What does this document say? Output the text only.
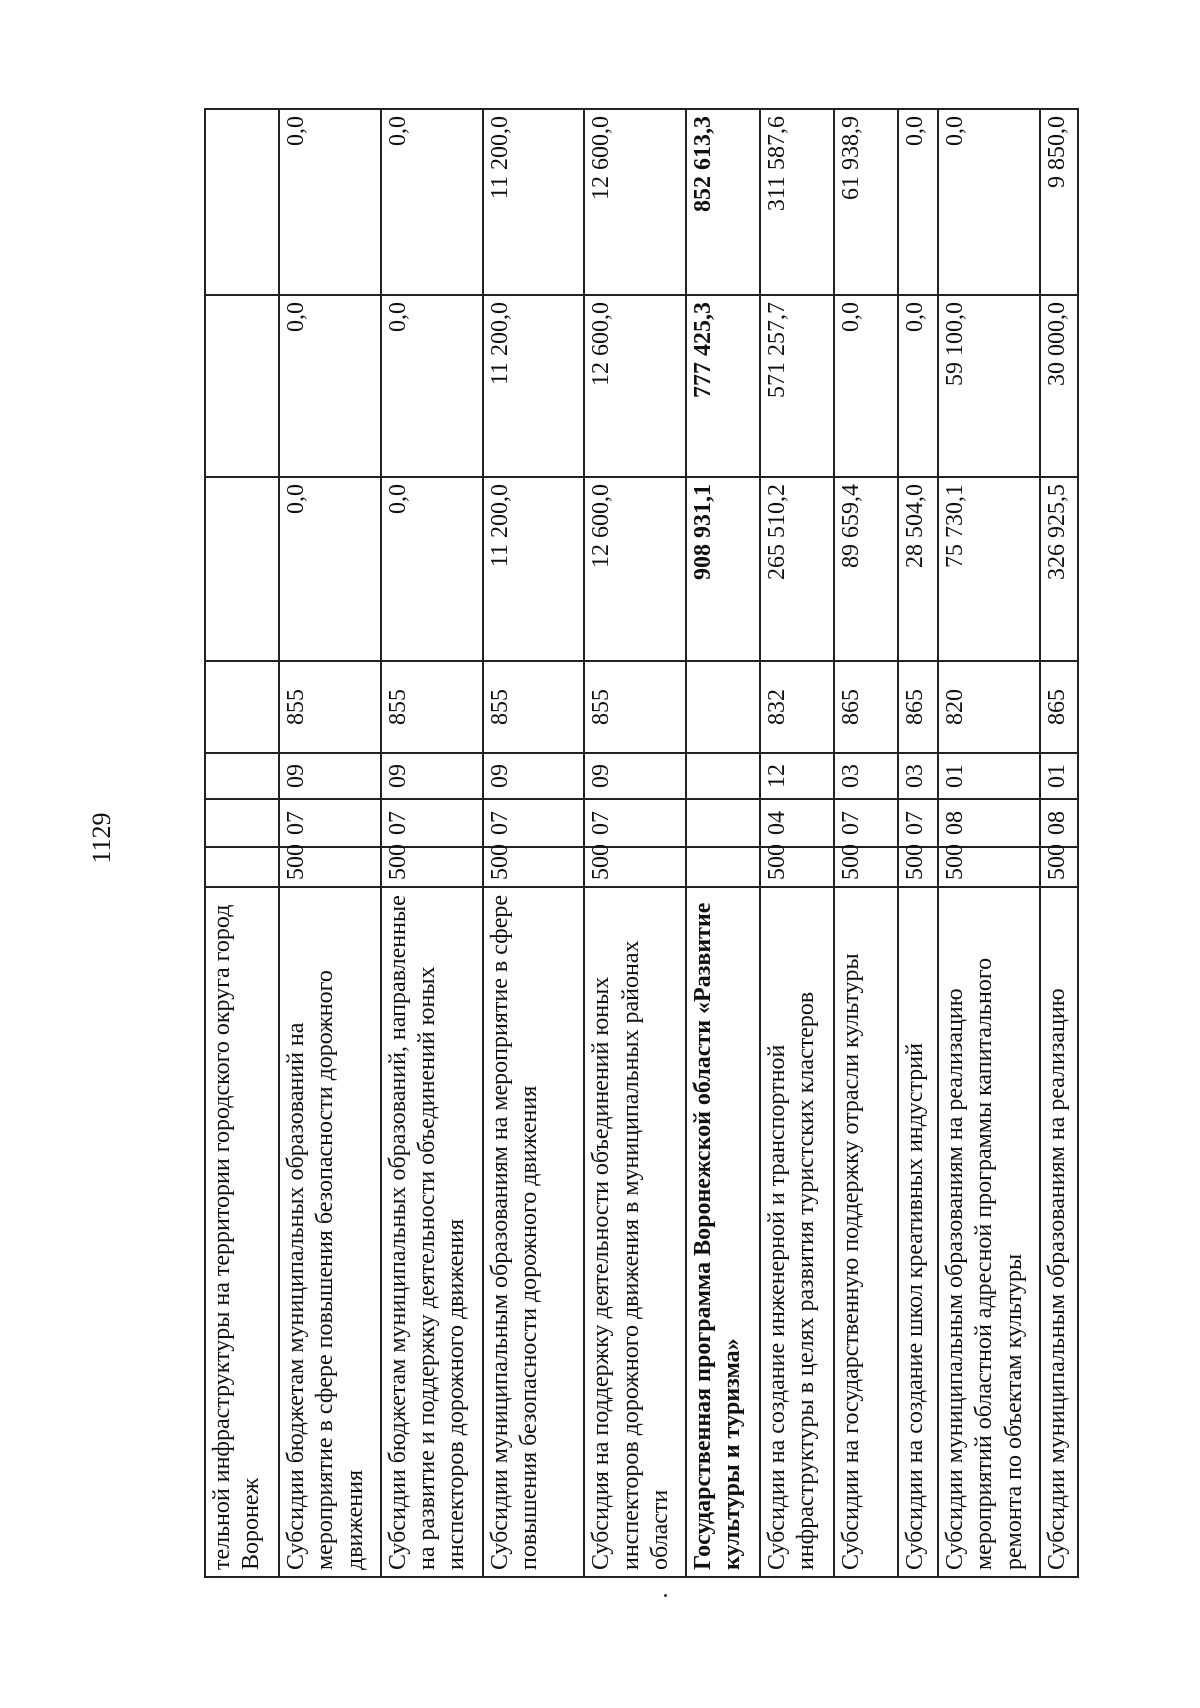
1129
тельной инфраструктуры на территории городского округа город Воронеж							
Субсидии бюджетам муниципальных образований на мероприятие в сфере повышения безопасности дорожного движения	500	07	09	855	0,0	0,0	0,0
Субсидии бюджетам муниципальных образований, направленные на развитие и поддержку деятельности объединений юных инспекторов дорожного движения	500	07	09	855	0,0	0,0	0,0
Субсидии муниципальным образованиям на мероприятие в сфере повышения безопасности дорожного движения	500	07	09	855	11 200,0	11 200,0	11 200,0
Субсидия на поддержку деятельности объединений юных инспекторов дорожного движения в муниципальных районах области	500	07	09	855	12 600,0	12 600,0	12 600,0
Государственная программа Воронежской области «Развитие культуры и туризма»					908 931,1	777 425,3	852 613,3
Субсидии на создание инженерной и транспортной инфраструктуры в целях развития туристских кластеров	500	04	12	832	265 510,2	571 257,7	311 587,6
Субсидии на государственную поддержку отрасли культуры	500	07	03	865	89 659,4	0,0	61 938,9
Субсидии на создание школ креативных индустрий	500	07	03	865	28 504,0	0,0	0,0
Субсидии муниципальным образованиям на реализацию мероприятий областной адресной программы капитального ремонта по объектам культуры	500	08	01	820	75 730,1	59 100,0	0,0
Субсидии муниципальным образованиям на реализацию	500	08	01	865	326 925,5	30 000,0	9 850,0
